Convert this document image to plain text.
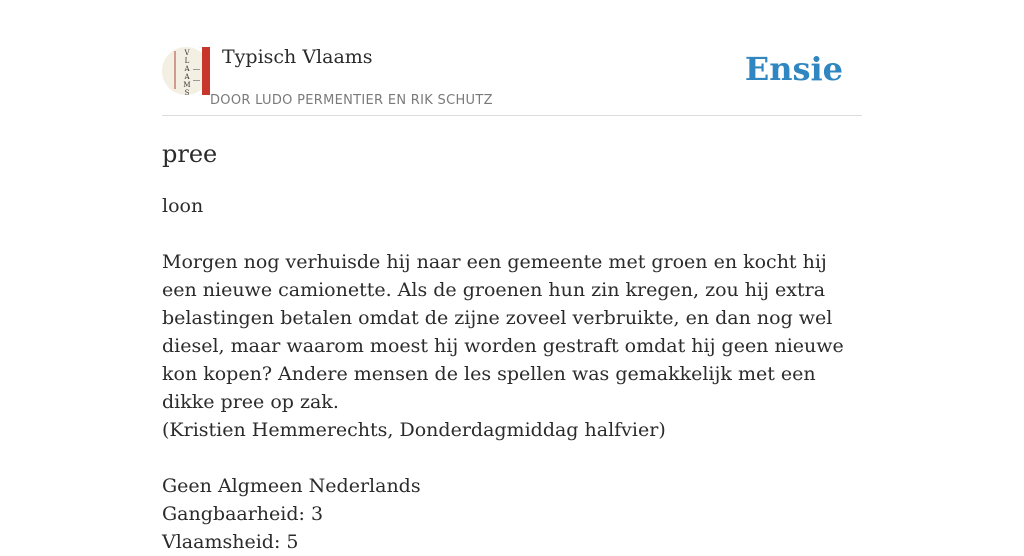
V
L
A
A
M
S
Typisch Vlaams
DOOR LUDO PERMENTIER EN RIK SCHUTZ
Ensie
pree

loon

Morgen nog verhuisde hij naar een gemeente met groen en kocht hij een nieuwe camionette. Als de groenen hun zin kregen, zou hij extra belastingen betalen omdat de zijne zoveel verbruikte, en dan nog wel diesel, maar waarom moest hij worden gestraft omdat hij geen nieuwe kon kopen? Andere mensen de les spellen was gemakkelijk met een dikke pree op zak.

(Kristien Hemmerechts, Donderdagmiddag halfvier)

Geen Algmeen Nederlands

Gangbaarheid: 3

Vlaamsheid: 5
